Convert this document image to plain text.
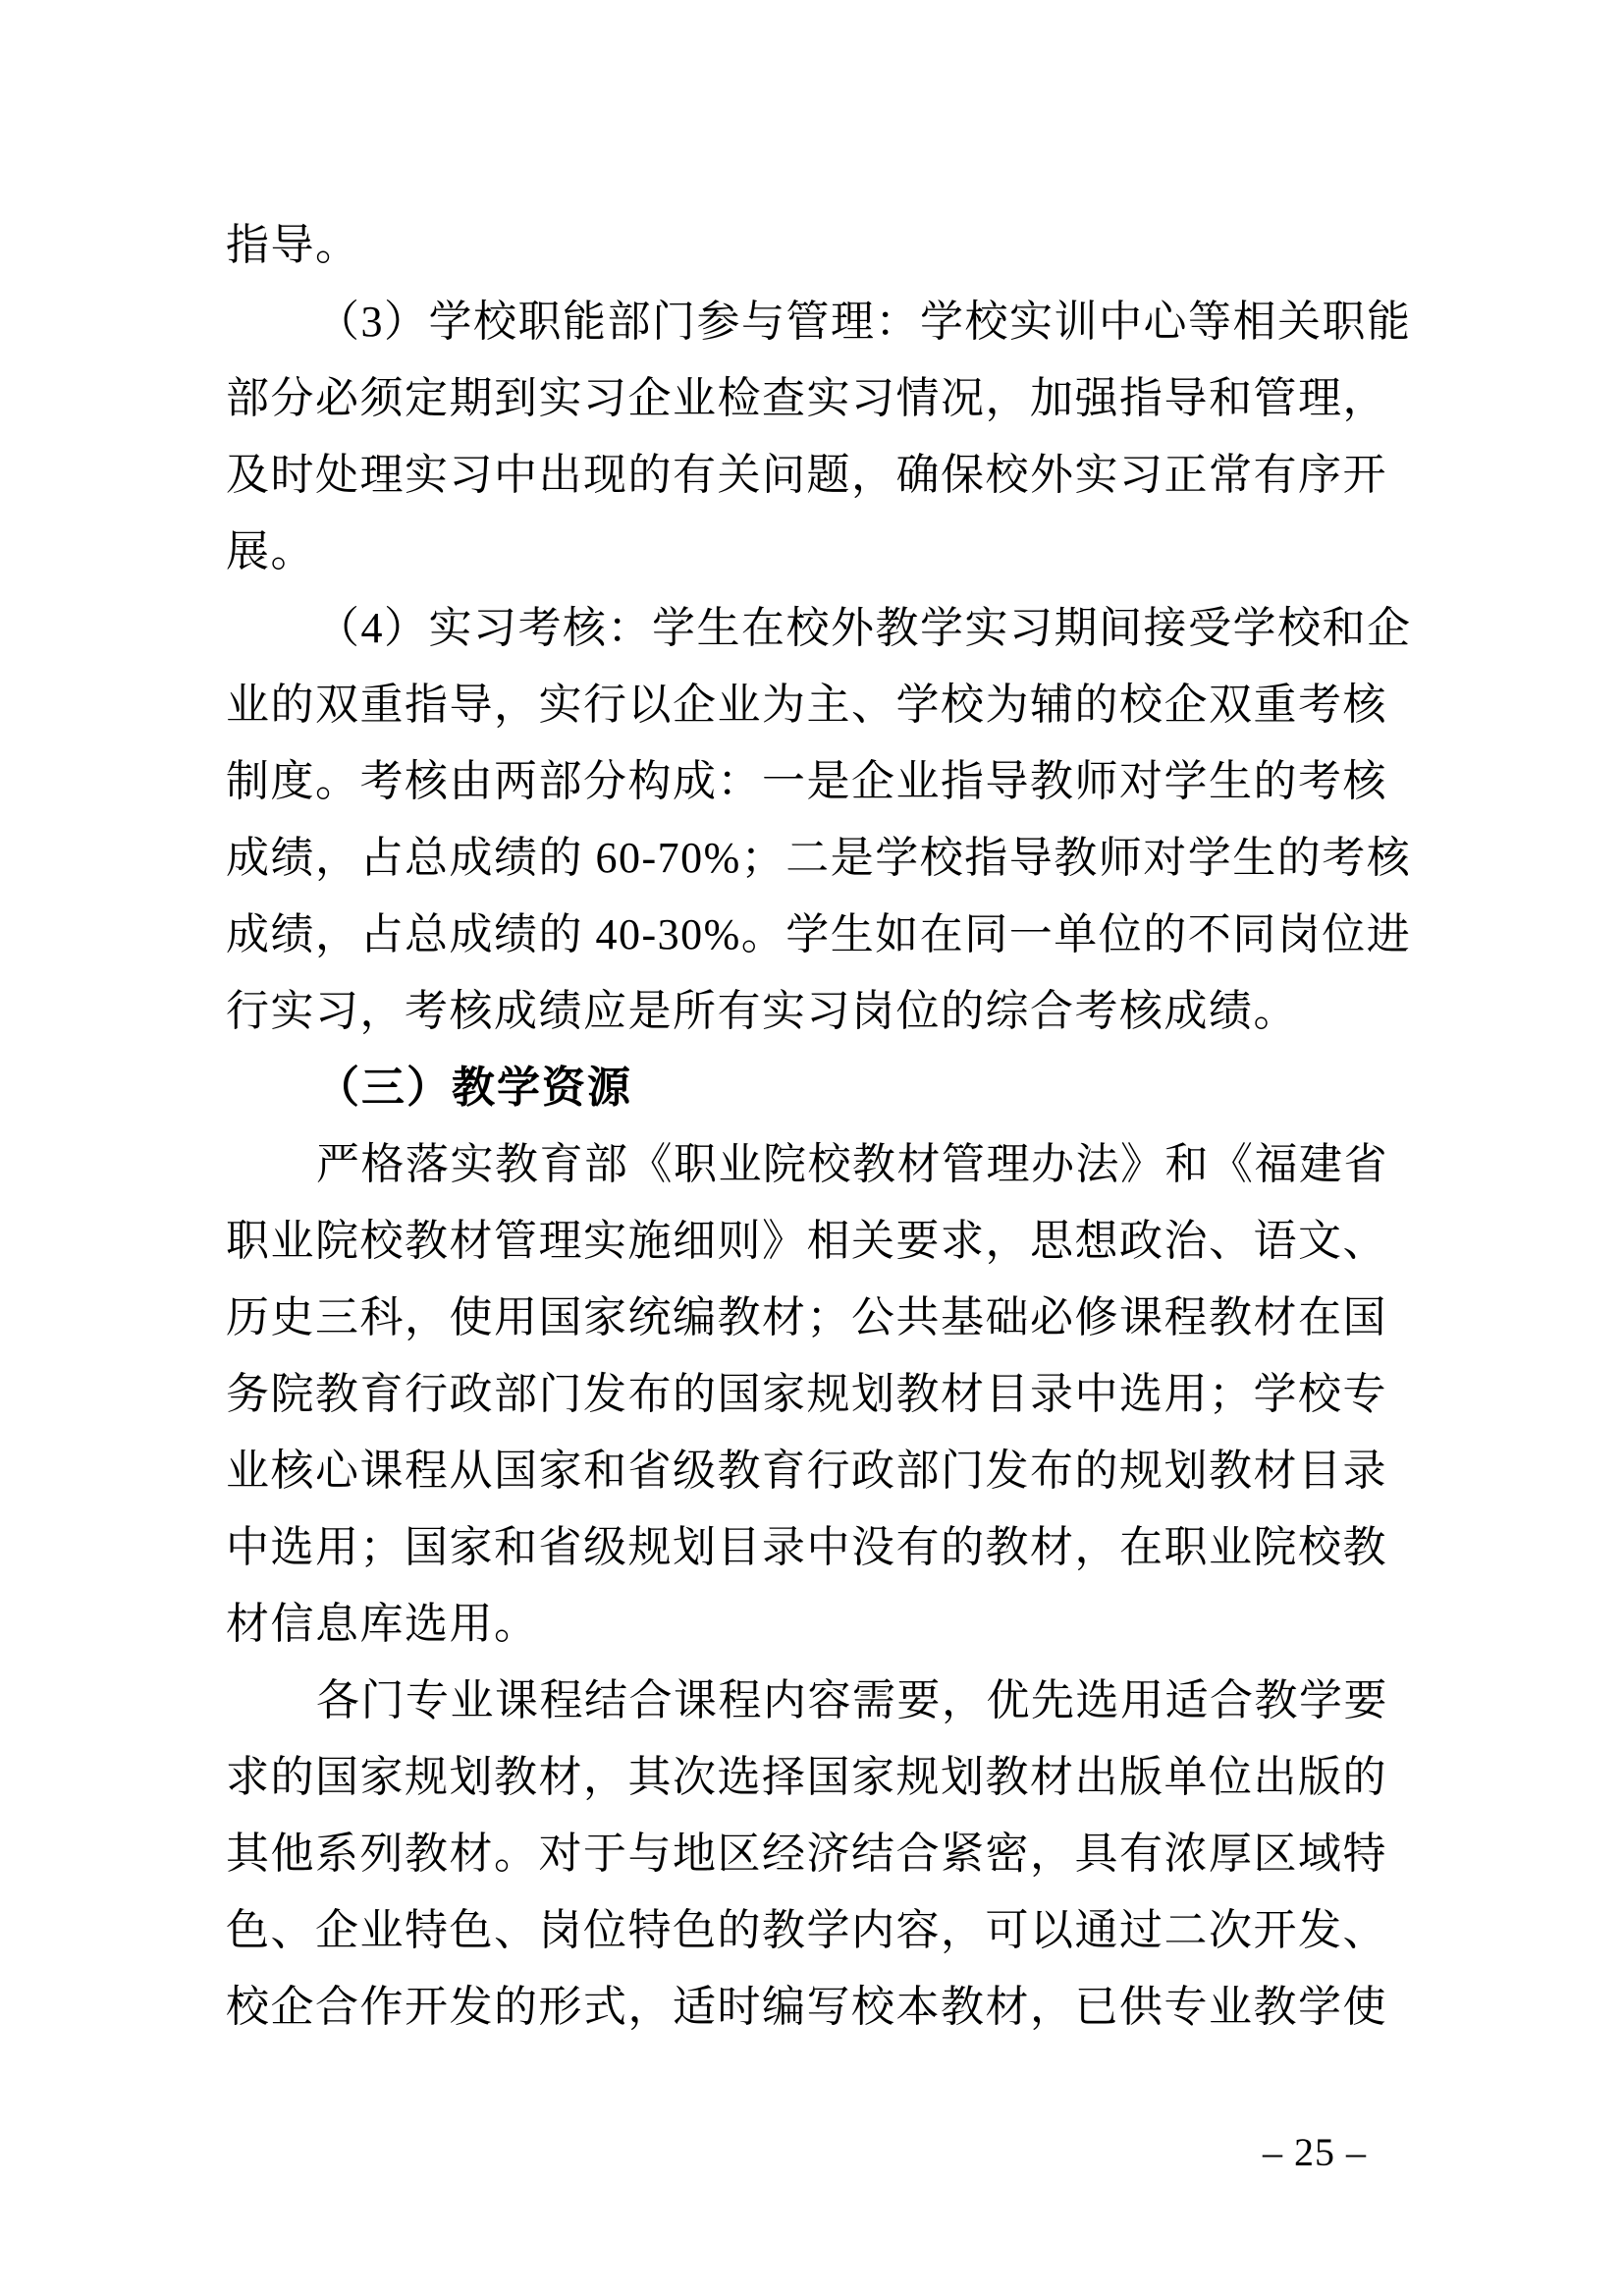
指导。
（3）学校职能部门参与管理：学校实训中心等相关职能
部分必须定期到实习企业检查实习情况，加强指导和管理，
及时处理实习中出现的有关问题，确保校外实习正常有序开
展。
（4）实习考核：学生在校外教学实习期间接受学校和企
业的双重指导，实行以企业为主、学校为辅的校企双重考核
制度。考核由两部分构成：一是企业指导教师对学生的考核
成绩，占总成绩的 60-70%；二是学校指导教师对学生的考核
成绩，占总成绩的 40-30%。学生如在同一单位的不同岗位进
行实习，考核成绩应是所有实习岗位的综合考核成绩。
（三）教学资源
严格落实教育部《职业院校教材管理办法》和《福建省
职业院校教材管理实施细则》相关要求，思想政治、语文、
历史三科，使用国家统编教材；公共基础必修课程教材在国
务院教育行政部门发布的国家规划教材目录中选用；学校专
业核心课程从国家和省级教育行政部门发布的规划教材目录
中选用；国家和省级规划目录中没有的教材，在职业院校教
材信息库选用。
各门专业课程结合课程内容需要，优先选用适合教学要
求的国家规划教材，其次选择国家规划教材出版单位出版的
其他系列教材。对于与地区经济结合紧密，具有浓厚区域特
色、企业特色、岗位特色的教学内容，可以通过二次开发、
校企合作开发的形式，适时编写校本教材，已供专业教学使
– 25 –
